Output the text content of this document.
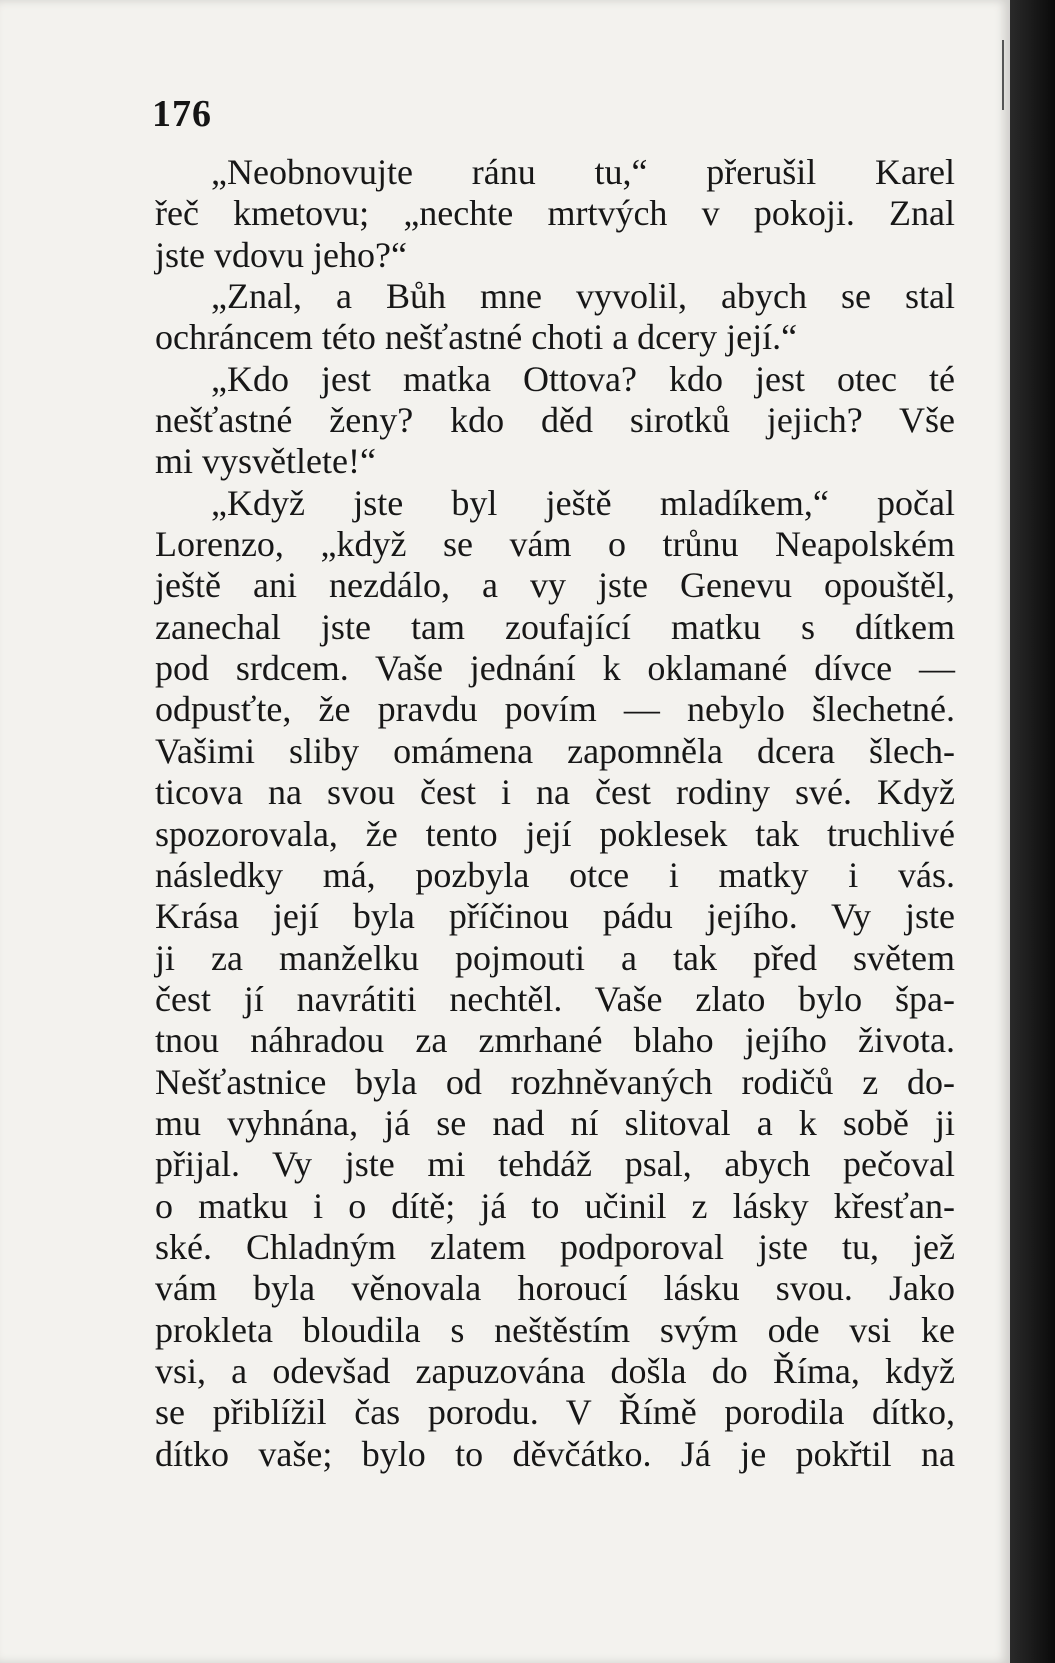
176
„Neobnovujte ránu tu,“ přerušil Karel
řeč kmetovu; „nechte mrtvých v pokoji. Znal
jste vdovu jeho?“
„Znal, a Bůh mne vyvolil, abych se stal
ochráncem této nešťastné choti a dcery její.“
„Kdo jest matka Ottova? kdo jest otec té
nešťastné ženy? kdo děd sirotků jejich? Vše
mi vysvětlete!“
„Když jste byl ještě mladíkem,“ počal
Lorenzo, „když se vám o trůnu Neapolském
ještě ani nezdálo, a vy jste Genevu opouštěl,
zanechal jste tam zoufající matku s dítkem
pod srdcem. Vaše jednání k oklamané dívce —
odpusťte, že pravdu povím — nebylo šlechetné.
Vašimi sliby omámena zapomněla dcera šlech-
ticova na svou čest i na čest rodiny své. Když
spozorovala, že tento její poklesek tak truchlivé
následky má, pozbyla otce i matky i vás.
Krása její byla příčinou pádu jejího. Vy jste
ji za manželku pojmouti a tak před světem
čest jí navrátiti nechtěl. Vaše zlato bylo špa-
tnou náhradou za zmrhané blaho jejího života.
Nešťastnice byla od rozhněvaných rodičů z do-
mu vyhnána, já se nad ní slitoval a k sobě ji
přijal. Vy jste mi tehdáž psal, abych pečoval
o matku i o dítě; já to učinil z lásky křesťan-
ské. Chladným zlatem podporoval jste tu, jež
vám byla věnovala horoucí lásku svou. Jako
prokleta bloudila s neštěstím svým ode vsi ke
vsi, a odevšad zapuzována došla do Říma, když
se přiblížil čas porodu. V Římě porodila dítko,
dítko vaše; bylo to děvčátko. Já je pokřtil na
